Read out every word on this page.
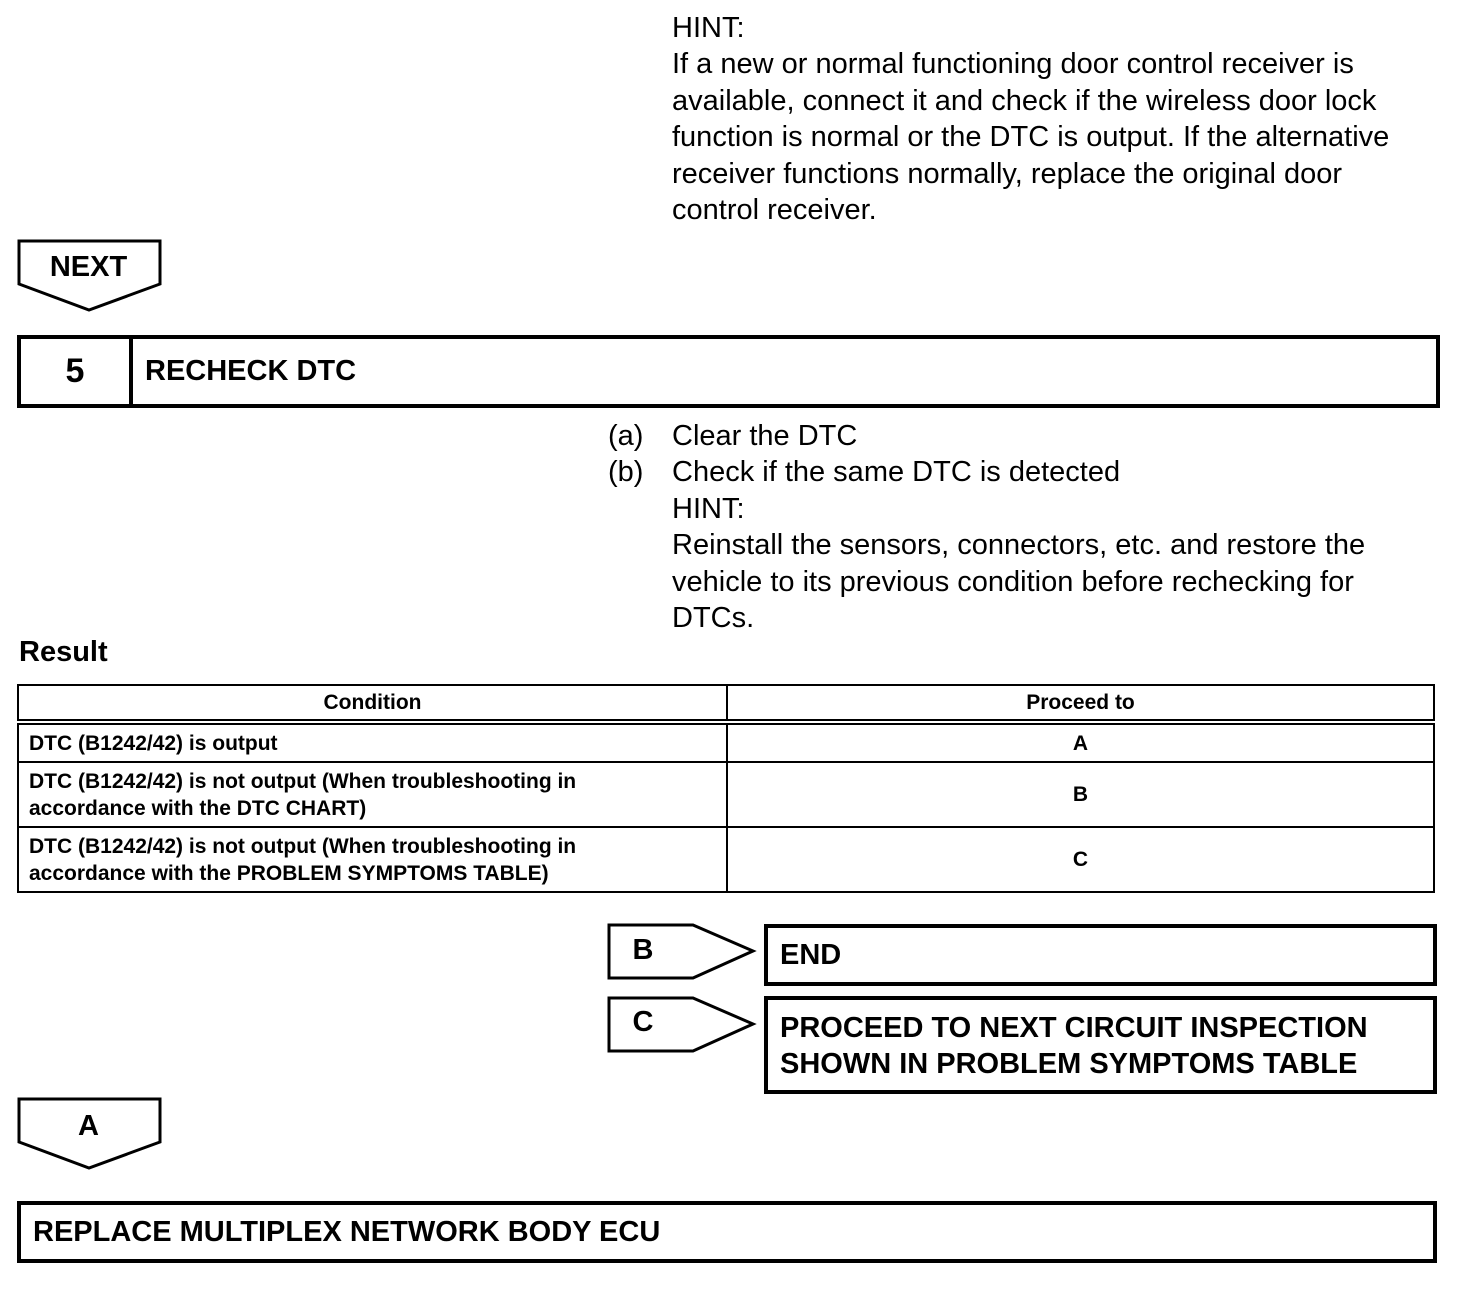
HINT:
If a new or normal functioning door control receiver is
available, connect it and check if the wireless door lock
function is normal or the DTC is output. If the alternative
receiver functions normally, replace the original door
control receiver.
NEXT
5	RECHECK DTC
(a) Clear the DTC
(b) Check if the same DTC is detected
HINT:
Reinstall the sensors, connectors, etc. and restore the
vehicle to its previous condition before rechecking for
DTCs.
Result
Condition	Proceed to

DTC (B1242/42) is output	A

DTC (B1242/42) is not output (When troubleshooting in
accordance with the DTC CHART)	B

DTC (B1242/42) is not output (When troubleshooting in
accordance with the PROBLEM SYMPTOMS TABLE)	C
B	END
C	PROCEED TO NEXT CIRCUIT INSPECTION
SHOWN IN PROBLEM SYMPTOMS TABLE
A
REPLACE MULTIPLEX NETWORK BODY ECU
